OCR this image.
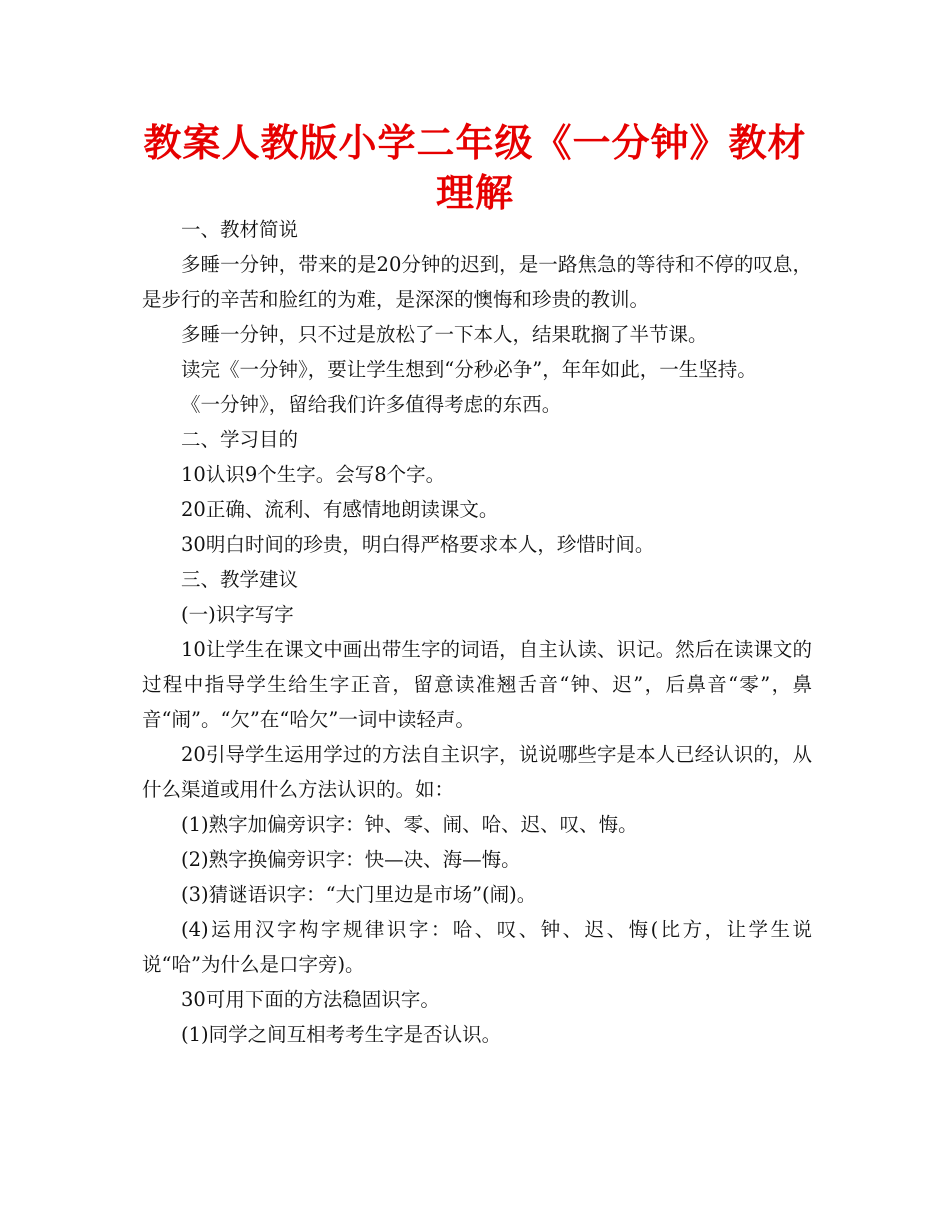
教案人教版小学二年级《一分钟》教材理解

一、教材简说

多睡一分钟，带来的是20分钟的迟到，是一路焦急的等待和不停的叹息，是步行的辛苦和脸红的为难，是深深的懊悔和珍贵的教训。

多睡一分钟，只不过是放松了一下本人，结果耽搁了半节课。

读完《一分钟》，要让学生想到“分秒必争”，年年如此，一生坚持。

《一分钟》，留给我们许多值得考虑的东西。

二、学习目的

10认识9个生字。会写8个字。

20正确、流利、有感情地朗读课文。

30明白时间的珍贵，明白得严格要求本人，珍惜时间。

三、教学建议

(一)识字写字

10让学生在课文中画出带生字的词语，自主认读、识记。然后在读课文的过程中指导学生给生字正音，留意读准翘舌音“钟、迟”，后鼻音“零”，鼻音“闹”。“欠”在“哈欠”一词中读轻声。

20引导学生运用学过的方法自主识字，说说哪些字是本人已经认识的，从什么渠道或用什么方法认识的。如：

(1)熟字加偏旁识字：钟、零、闹、哈、迟、叹、悔。

(2)熟字换偏旁识字：快—决、海—悔。

(3)猜谜语识字：“大门里边是市场”(闹)。

(4)运用汉字构字规律识字：哈、叹、钟、迟、悔(比方，让学生说说“哈”为什么是口字旁)。

30可用下面的方法稳固识字。

(1)同学之间互相考考生字是否认识。
